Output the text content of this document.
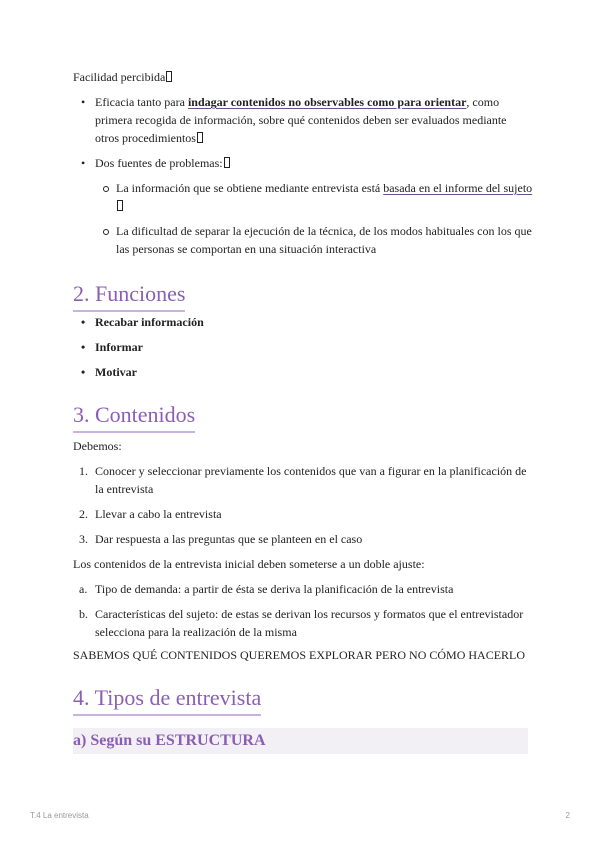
Facilidad percibida

• Eficacia tanto para indagar contenidos no observables como para orientar, como primera recogida de información, sobre qué contenidos deben ser evaluados mediante otros procedimientos
• Dos fuentes de problemas:
La información que se obtiene mediante entrevista está basada en el informe del sujeto
La dificultad de separar la ejecución de la técnica, de los modos habituales con los que las personas se comportan en una situación interactiva
2. Funciones
• Recabar información
• Informar
• Motivar
3. Contenidos

Debemos:

1. Conocer y seleccionar previamente los contenidos que van a figurar en la planificación de la entrevista
2. Llevar a cabo la entrevista
3. Dar respuesta a las preguntas que se planteen en el caso

Los contenidos de la entrevista inicial deben someterse a un doble ajuste:

a. Tipo de demanda: a partir de ésta se deriva la planificación de la entrevista
b. Características del sujeto: de estas se derivan los recursos y formatos que el entrevistador selecciona para la realización de la misma

SABEMOS QUÉ CONTENIDOS QUEREMOS EXPLORAR PERO NO CÓMO HACERLO

4. Tipos de entrevista
a) Según su ESTRUCTURA
T.4 La entrevista	2
